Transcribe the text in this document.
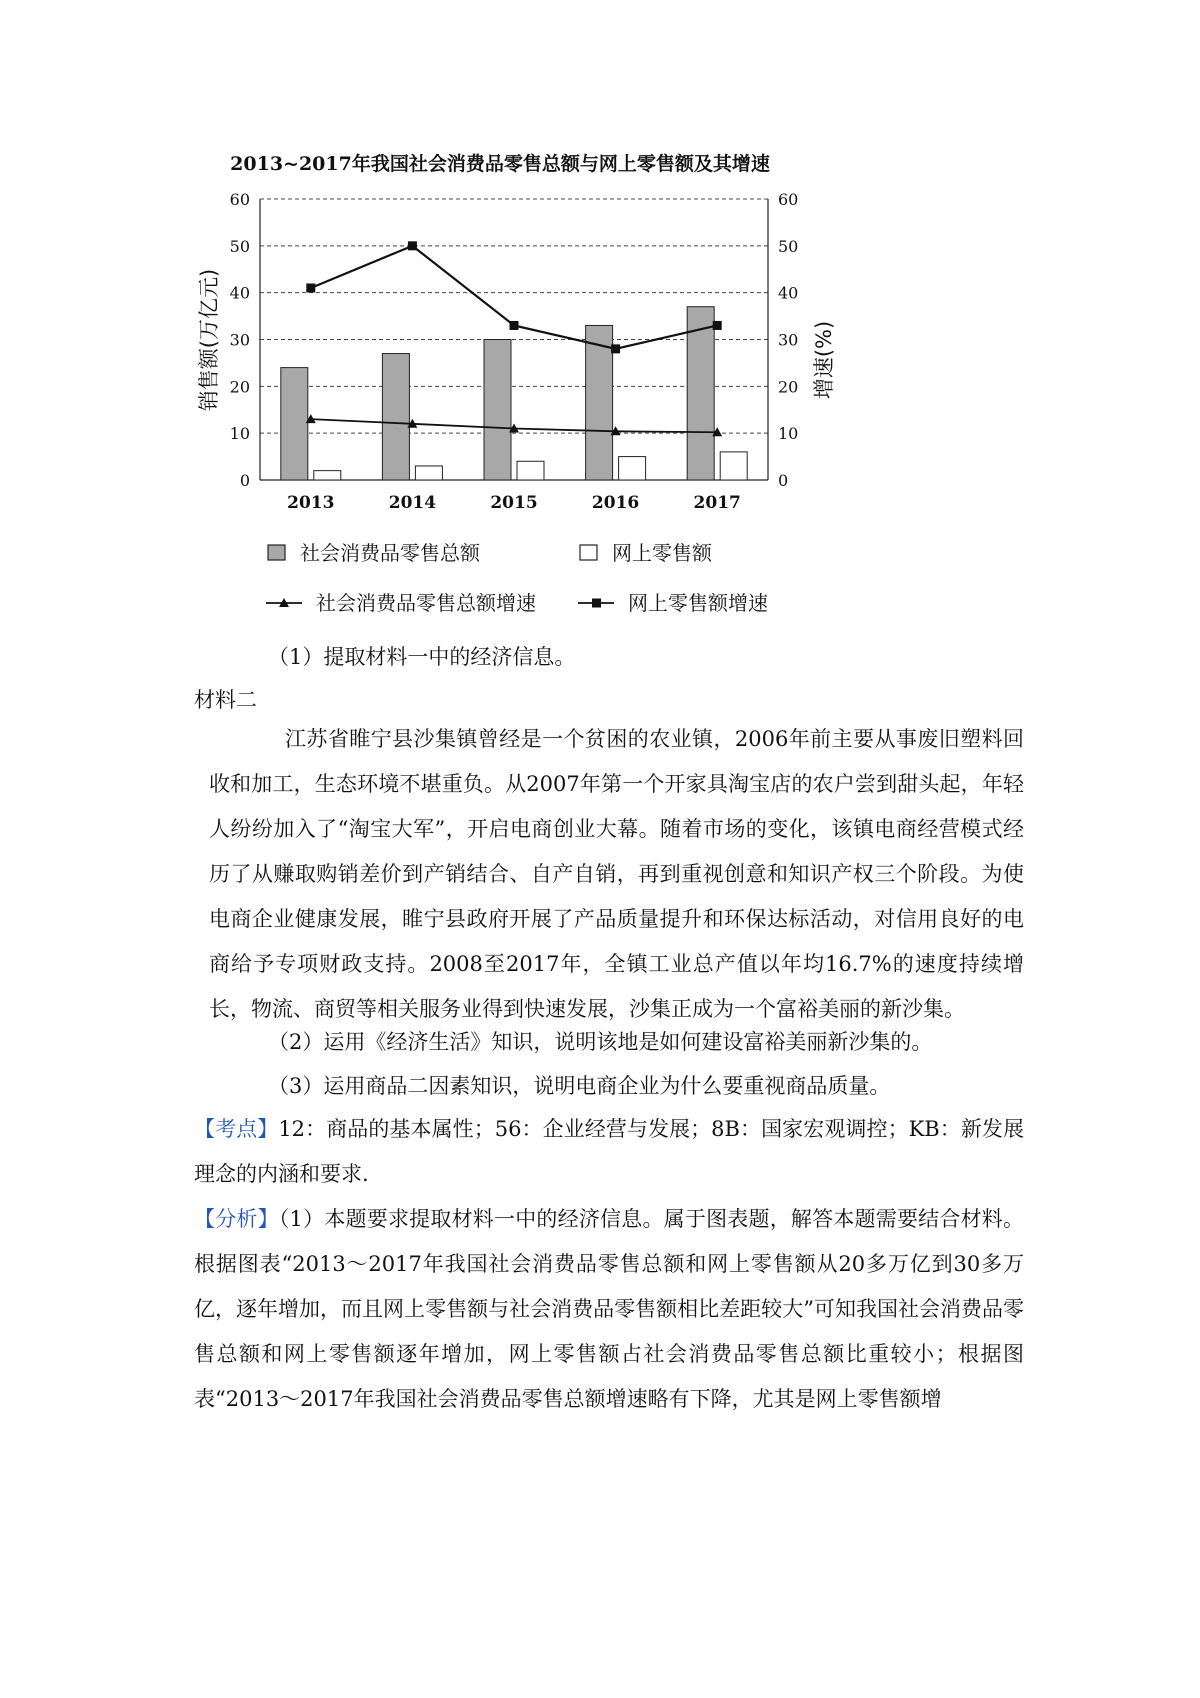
2013~2017年我国社会消费品零售总额与网上零售额及其增速
0	0
10	10
20	20
30	30
40	40
50	50
60	60
2013	2014	2015	2016	2017
销售额(万亿元)	增速(%)
社会消费品零售总额	网上零售额
社会消费品零售总额增速	网上零售额增速
（1）提取材料一中的经济信息。
材料二

江苏省睢宁县沙集镇曾经是一个贫困的农业镇，2006年前主要从事废旧塑料回收和加工，生态环境不堪重负。从2007年第一个开家具淘宝店的农户尝到甜头起，年轻人纷纷加入了“淘宝大军”，开启电商创业大幕。随着市场的变化，该镇电商经营模式经历了从赚取购销差价到产销结合、自产自销，再到重视创意和知识产权三个阶段。为使电商企业健康发展，睢宁县政府开展了产品质量提升和环保达标活动，对信用良好的电商给予专项财政支持。2008至2017年，全镇工业总产值以年均16.7%的速度持续增长，物流、商贸等相关服务业得到快速发展，沙集正成为一个富裕美丽的新沙集。

（2）运用《经济生活》知识，说明该地是如何建设富裕美丽新沙集的。
（3）运用商品二因素知识，说明电商企业为什么要重视商品质量。

【考点】12：商品的基本属性；56：企业经营与发展；8B：国家宏观调控；KB：新发展理念的内涵和要求.

【分析】（1）本题要求提取材料一中的经济信息。属于图表题，解答本题需要结合材料。根据图表“2013～2017年我国社会消费品零售总额和网上零售额从20多万亿到30多万亿，逐年增加，而且网上零售额与社会消费品零售额相比差距较大”可知我国社会消费品零售总额和网上零售额逐年增加，网上零售额占社会消费品零售总额比重较小；根据图表“2013～2017年我国社会消费品零售总额增速略有下降，尤其是网上零售额增
